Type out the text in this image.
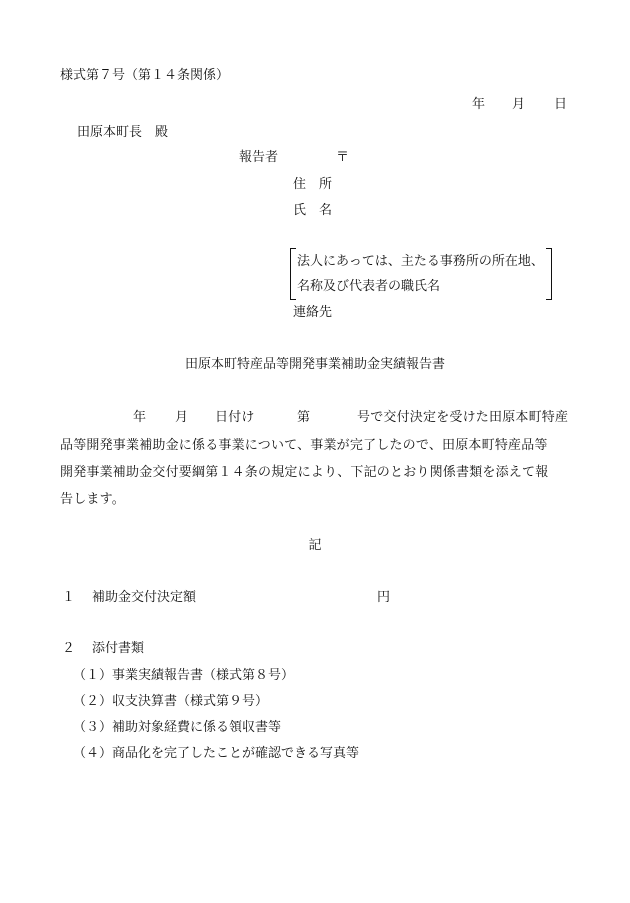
様式第７号（第１４条関係）
年 月 日
田原本町長　殿
報告者	〒
住　所
氏　名
法人にあっては、主たる事務所の所在地、
名称及び代表者の職氏名
連絡先
田原本町特産品等開発事業補助金実績報告書
年 月 日付け	第	号で交付決定を受けた田原本町特産
品等開発事業補助金に係る事業について、事業が完了したので、田原本町特産品等
開発事業補助金交付要綱第１４条の規定により、下記のとおり関係書類を添えて報
告します。
記
１ 補助金交付決定額	円
２ 添付書類
（１）事業実績報告書（様式第８号）
（２）収支決算書（様式第９号）
（３）補助対象経費に係る領収書等
（４）商品化を完了したことが確認できる写真等
